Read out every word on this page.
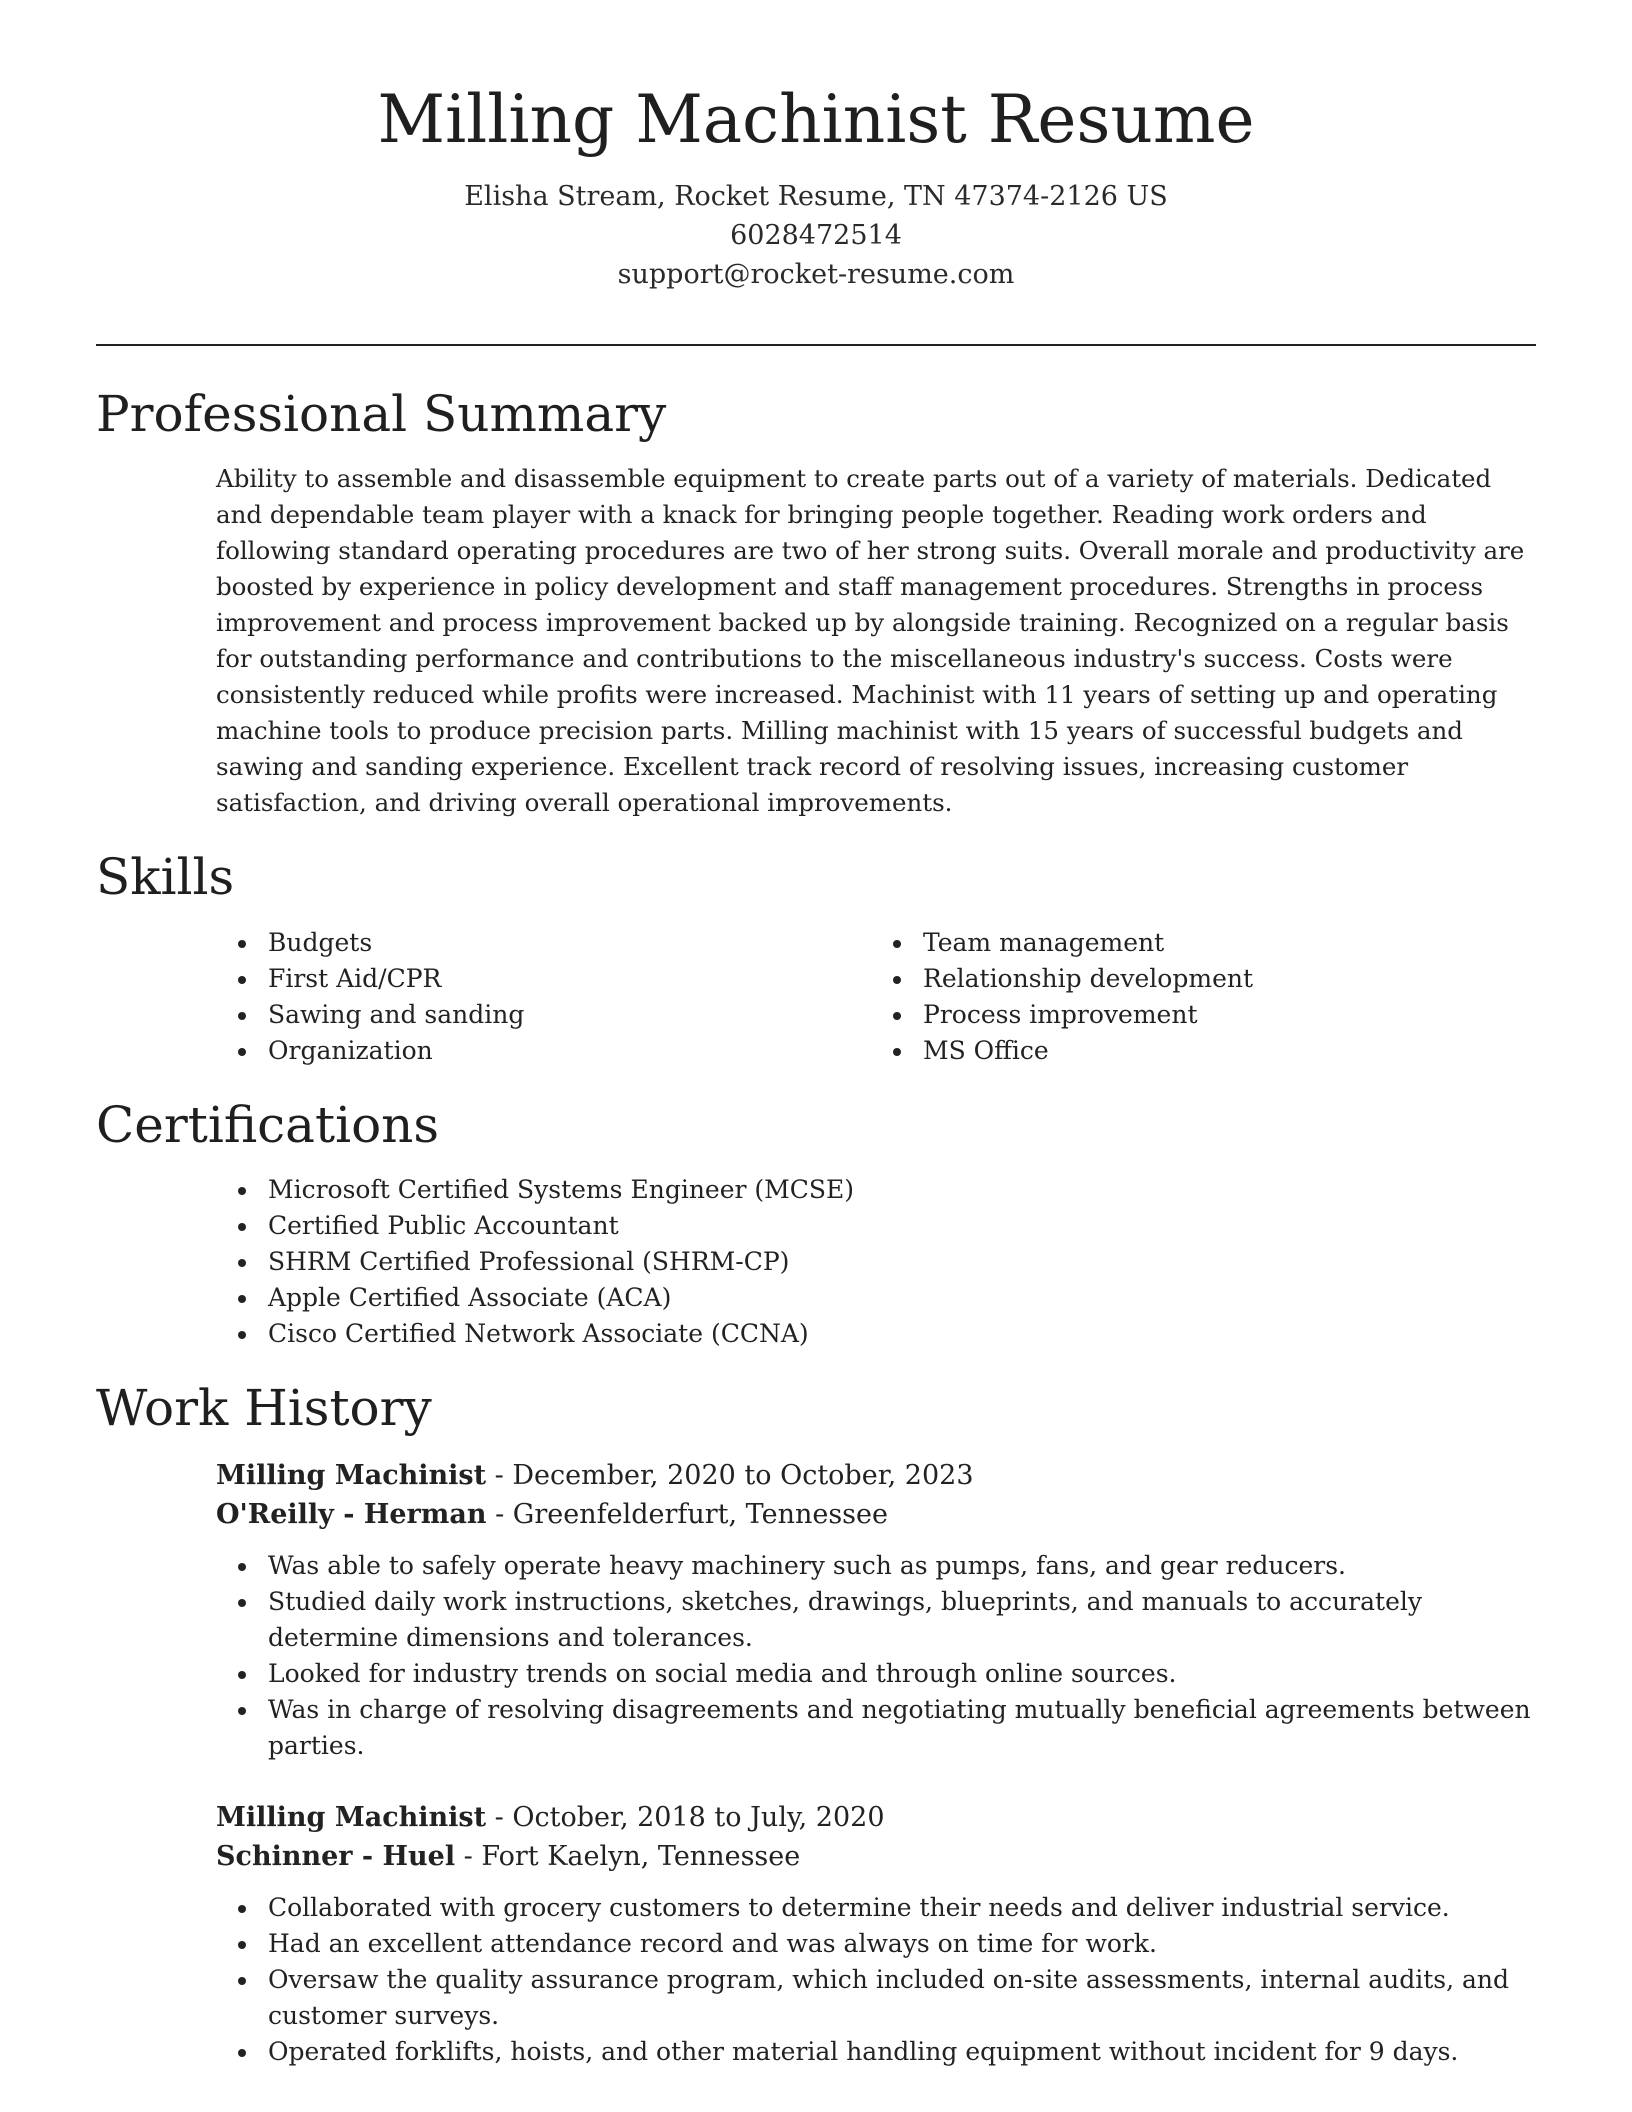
Milling Machinist Resume
Elisha Stream, Rocket Resume, TN 47374-2126 US
6028472514
support@rocket-resume.com
Professional Summary

Ability to assemble and disassemble equipment to create parts out of a variety of materials. Dedicated and dependable team player with a knack for bringing people together. Reading work orders and following standard operating procedures are two of her strong suits. Overall morale and productivity are boosted by experience in policy development and staff management procedures. Strengths in process improvement and process improvement backed up by alongside training. Recognized on a regular basis for outstanding performance and contributions to the miscellaneous industry's success. Costs were consistently reduced while profits were increased. Machinist with 11 years of setting up and operating machine tools to produce precision parts. Milling machinist with 15 years of successful budgets and sawing and sanding experience. Excellent track record of resolving issues, increasing customer satisfaction, and driving overall operational improvements.

Skills
• Budgets
• First Aid/CPR
• Sawing and sanding
• Organization
• Team management
• Relationship development
• Process improvement
• MS Office
Certifications
• Microsoft Certified Systems Engineer (MCSE)
• Certified Public Accountant
• SHRM Certified Professional (SHRM-CP)
• Apple Certified Associate (ACA)
• Cisco Certified Network Associate (CCNA)
Work History
Milling Machinist - December, 2020 to October, 2023
O'Reilly - Herman - Greenfelderfurt, Tennessee
• Was able to safely operate heavy machinery such as pumps, fans, and gear reducers.
• Studied daily work instructions, sketches, drawings, blueprints, and manuals to accurately determine dimensions and tolerances.
• Looked for industry trends on social media and through online sources.
• Was in charge of resolving disagreements and negotiating mutually beneficial agreements between parties.
Milling Machinist - October, 2018 to July, 2020
Schinner - Huel - Fort Kaelyn, Tennessee
• Collaborated with grocery customers to determine their needs and deliver industrial service.
• Had an excellent attendance record and was always on time for work.
• Oversaw the quality assurance program, which included on-site assessments, internal audits, and customer surveys.
• Operated forklifts, hoists, and other material handling equipment without incident for 9 days.
